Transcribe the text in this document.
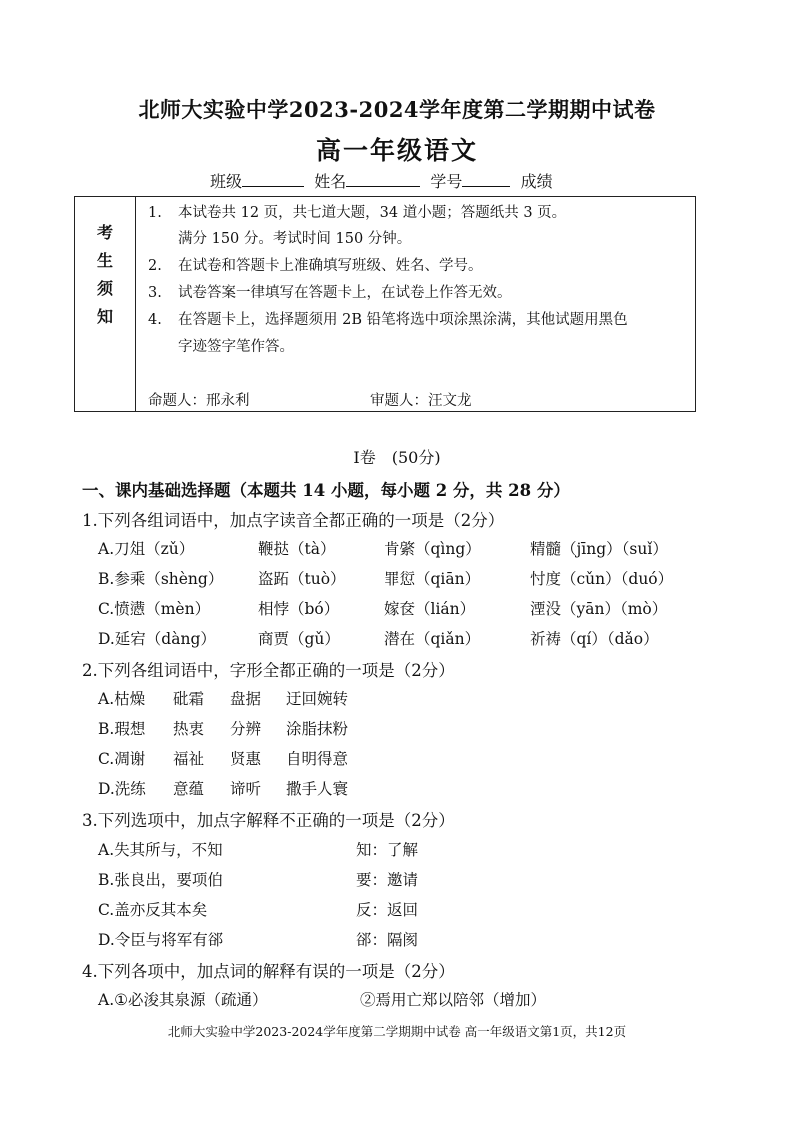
北师大实验中学2023-2024学年度第二学期期中试卷
高一年级语文
班级	姓名	学号	成绩
考
生
须
知
1. 本试卷共 12 页，共七道大题，34 道小题；答题纸共 3 页。
满分 150 分。考试时间 150 分钟。
2. 在试卷和答题卡上准确填写班级、姓名、学号。
3. 试卷答案一律填写在答题卡上，在试卷上作答无效。
4. 在答题卡上，选择题须用 2B 铅笔将选中项涂黑涂满，其他试题用黑色
字迹签字笔作答。
命题人：邢永利	审题人：汪文龙
Ⅰ卷　(50分)
一、课内基础选择题（本题共 14 小题，每小题 2 分，共 28 分）
1.下列各组词语中，加点字读音全都正确的一项是（2分）
A.刀俎（zǔ）	鞭挞（tà）	肯綮（qìng）	精髓（jīng）（suǐ）
B.参乘（shèng） 盗跖（tuò） 罪愆（qiān）	忖度（cǔn）（duó）
C.愤懑（mèn）	相悖（bó）	嫁奁（lián）	湮没（yān）（mò）
D.延宕（dàng）	商贾（gǔ）	潜在（qiǎn）	祈祷（qí）（dǎo）
2.下列各组词语中，字形全都正确的一项是（2分）
A.枯燥 砒霜 盘据 迂回婉转
B.瑕想 热衷 分辨 涂脂抹粉
C.凋谢 福祉 贤惠 自明得意
D.洗练 意蕴 谛听 撒手人寰
3.下列选项中，加点字解释不正确的一项是（2分）
A.失其所与，不知	知：了解
B.张良出，要项伯	要：邀请
C.盖亦反其本矣	反：返回
D.令臣与将军有郤	郤：隔阂
4.下列各项中，加点词的解释有误的一项是（2分）
A.①必浚其泉源（疏通）	②焉用亡郑以陪邻（增加）
北师大实验中学2023-2024学年度第二学期期中试卷 高一年级语文第1页，共12页
